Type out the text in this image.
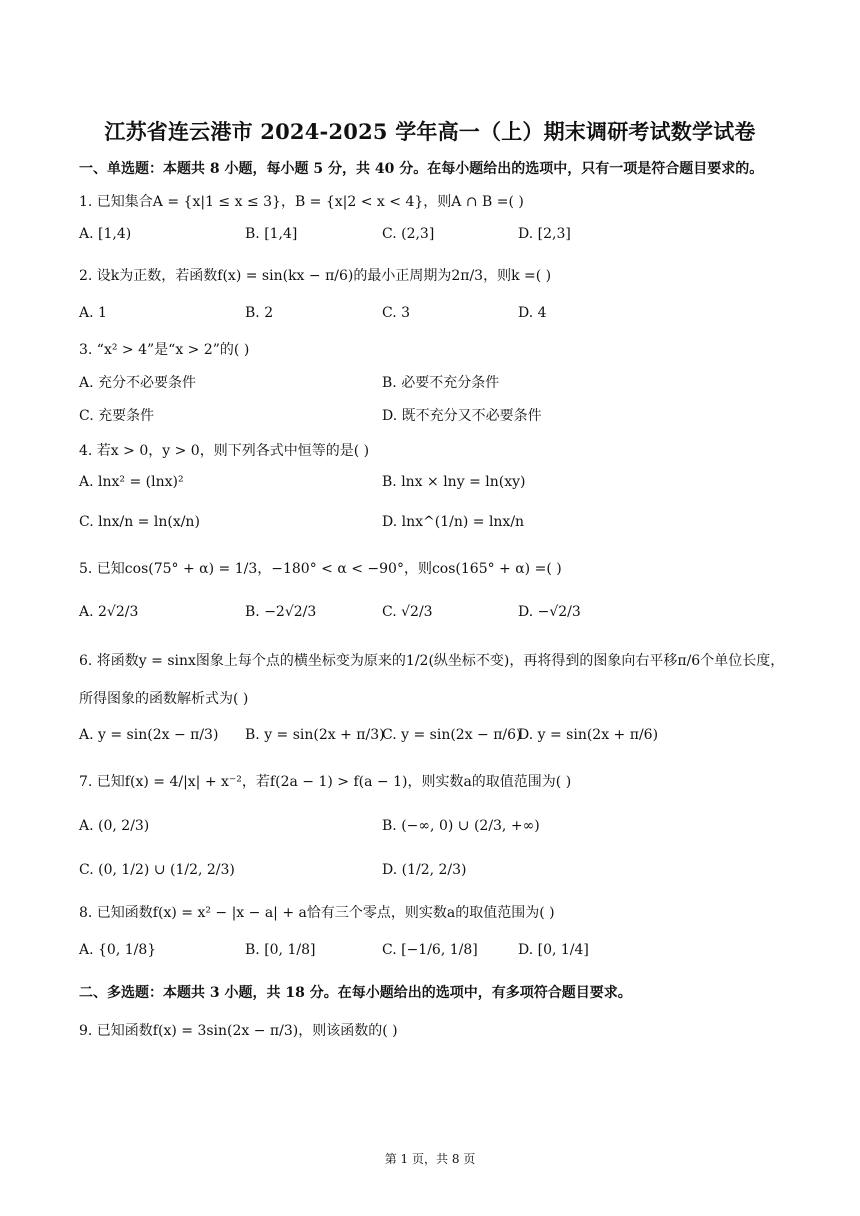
江苏省连云港市 2024-2025 学年高一（上）期末调研考试数学试卷
一、单选题：本题共 8 小题，每小题 5 分，共 40 分。在每小题给出的选项中，只有一项是符合题目要求的。
1. 已知集合A = {x|1 ≤ x ≤ 3}，B = {x|2 < x < 4}，则A ∩ B =( )
A. [1,4)	B. [1,4]	C. (2,3]	D. [2,3]
2. 设k为正数，若函数f(x) = sin(kx − π/6)的最小正周期为2π/3，则k =( )
A. 1	B. 2	C. 3	D. 4
3. “x² > 4”是“x > 2”的( )
A. 充分不必要条件	B. 必要不充分条件
C. 充要条件	D. 既不充分又不必要条件
4. 若x > 0，y > 0，则下列各式中恒等的是( )
A. lnx² = (lnx)²	B. lnx × lny = ln(xy)
C. lnx/n = ln(x/n)	D. lnx^(1/n) = lnx/n
5. 已知cos(75° + α) = 1/3，−180° < α < −90°，则cos(165° + α) =( )
A. 2√2/3	B. −2√2/3	C. √2/3	D. −√2/3
6. 将函数y = sinx图象上每个点的横坐标变为原来的1/2(纵坐标不变)，再将得到的图象向右平移π/6个单位长度，
所得图象的函数解析式为( )
A. y = sin(2x − π/3) B. y = sin(2x + π/3)
C. y = sin(2x − π/6)
D. y = sin(2x + π/6)
7. 已知f(x) = 4/|x| + x⁻²，若f(2a − 1) > f(a − 1)，则实数a的取值范围为( )
A. (0, 2/3)	B. (−∞, 0) ∪ (2/3, +∞)
C. (0, 1/2) ∪ (1/2, 2/3)	D. (1/2, 2/3)
8. 已知函数f(x) = x² − |x − a| + a恰有三个零点，则实数a的取值范围为( )
A. {0, 1/8}	B. [0, 1/8]	C. [−1/6, 1/8]	D. [0, 1/4]
二、多选题：本题共 3 小题，共 18 分。在每小题给出的选项中，有多项符合题目要求。
9. 已知函数f(x) = 3sin(2x − π/3)，则该函数的( )
第 1 页，共 8 页
